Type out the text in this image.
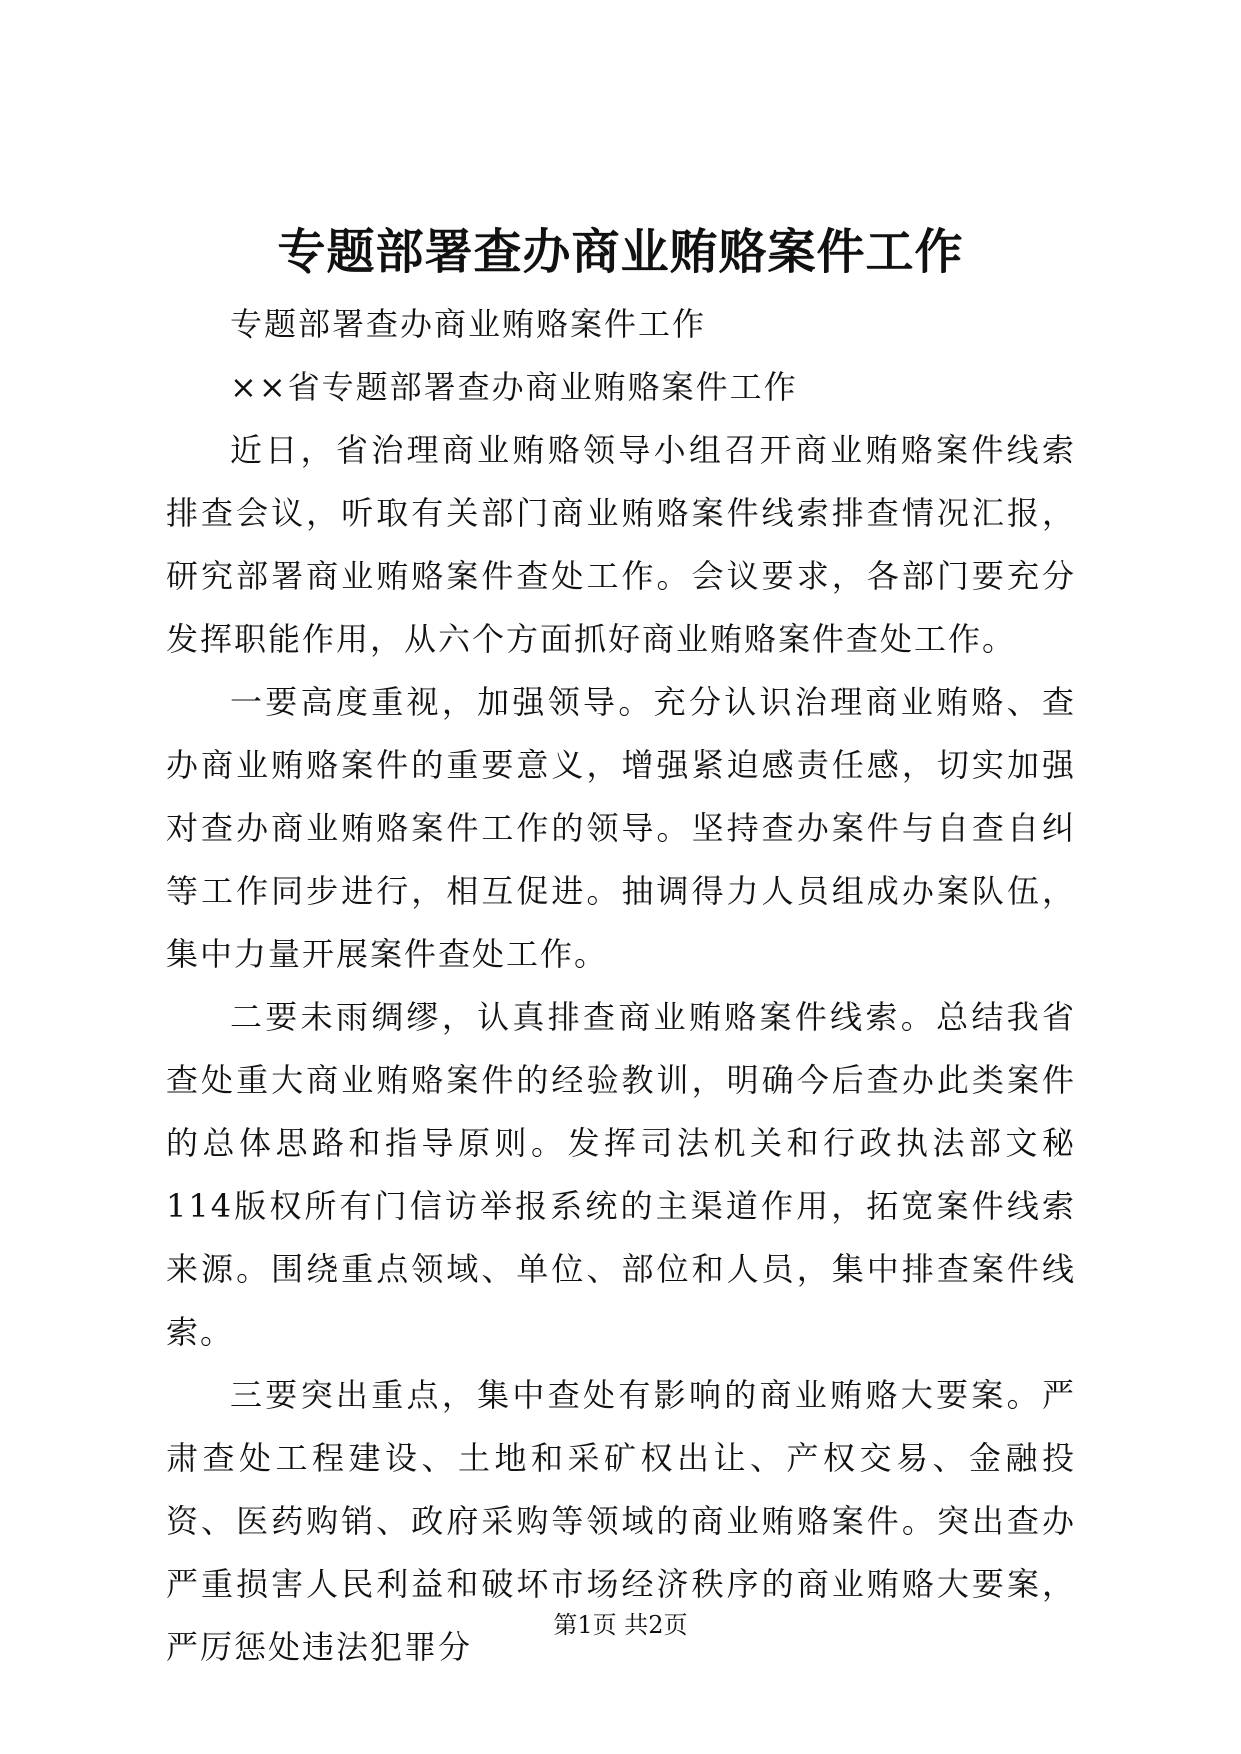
专题部署查办商业贿赂案件工作

专题部署查办商业贿赂案件工作

××省专题部署查办商业贿赂案件工作

近日，省治理商业贿赂领导小组召开商业贿赂案件线索排查会议，听取有关部门商业贿赂案件线索排查情况汇报，研究部署商业贿赂案件查处工作。会议要求，各部门要充分发挥职能作用，从六个方面抓好商业贿赂案件查处工作。

一要高度重视，加强领导。充分认识治理商业贿赂、查办商业贿赂案件的重要意义，增强紧迫感责任感，切实加强对查办商业贿赂案件工作的领导。坚持查办案件与自查自纠等工作同步进行，相互促进。抽调得力人员组成办案队伍，集中力量开展案件查处工作。

二要未雨绸缪，认真排查商业贿赂案件线索。总结我省查处重大商业贿赂案件的经验教训，明确今后查办此类案件的总体思路和指导原则。发挥司法机关和行政执法部文秘114版权所有门信访举报系统的主渠道作用，拓宽案件线索来源。围绕重点领域、单位、部位和人员，集中排查案件线索。

三要突出重点，集中查处有影响的商业贿赂大要案。严肃查处工程建设、土地和采矿权出让、产权交易、金融投资、医药购销、政府采购等领域的商业贿赂案件。突出查办严重损害人民利益和破坏市场经济秩序的商业贿赂大要案，严厉惩处违法犯罪分

第1页 共2页
